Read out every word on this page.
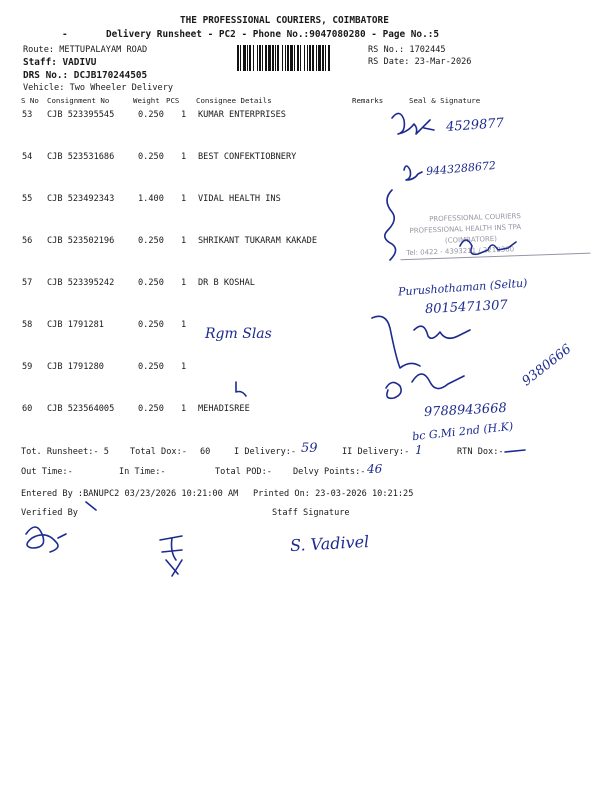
THE PROFESSIONAL COURIERS, COIMBATORE
-	Delivery Runsheet - PC2 - Phone No.:9047080280 - Page No.:5
Route: METTUPALAYAM ROAD
Staff: VADIVU
DRS No.: DCJB170244505
Vehicle: Two Wheeler Delivery
RS No.: 1702445
RS Date: 23-Mar-2026
S No Consignment No	Weight PCS Consignee Details	Remarks	Seal & Signature
53 CJB 523395545	0.250 1 KUMAR ENTERPRISES
54 CJB 523531686	0.250 1 BEST CONFEKTIOBNERY
55 CJB 523492343	1.400 1 VIDAL HEALTH INS
56 CJB 523502196	0.250 1 SHRIKANT TUKARAM KAKADE
57 CJB 523395242	0.250 1 DR B KOSHAL
58 CJB 1791281	0.250 1
59 CJB 1791280	0.250 1
60 CJB 523564005	0.250 1 MEHADISREE
Tot. Runsheet:- 5 Total Dox:- 60	I Delivery:-	II Delivery:-	RTN Dox:-
Out Time:-	In Time:-	Total POD:- Delvy Points:-
Entered By :BANUPC2 03/23/2026 10:21:00 AM Printed On: 23-03-2026 10:21:25
Verified By	Staff Signature
PROFESSIONAL COURIERS
PROFESSIONAL HEALTH INS TPA
(COIMBATORE)
Tel: 0422 - 4393211 / 2213360
4529877
9443288672
Purushothaman (Seltu)
8015471307
Rgm Slas
9380666
9788943668
bc G.Mi 2nd (H.K)
59	1
46
S. Vadivel
